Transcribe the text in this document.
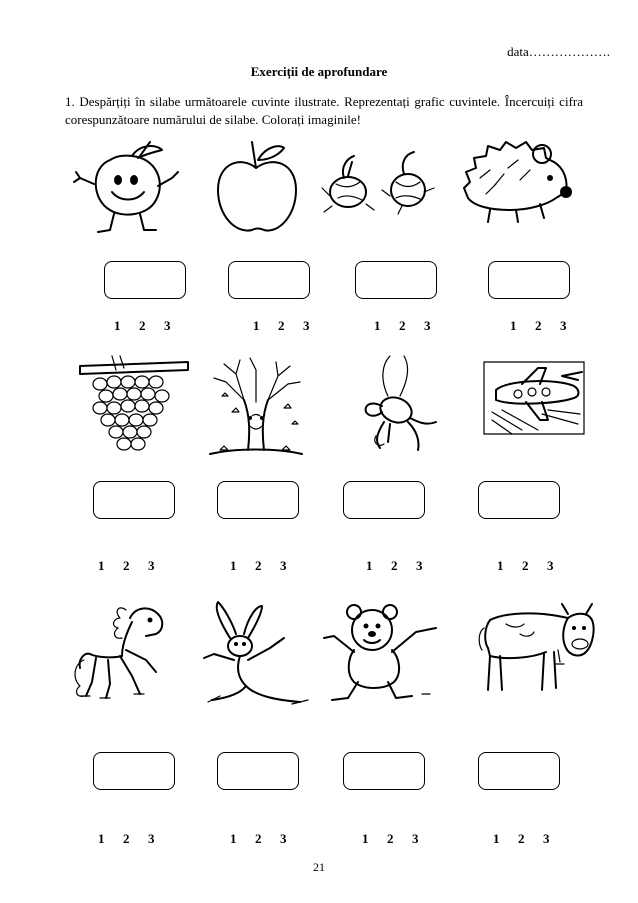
data……………….
Exerciții de aprofundare
1. Despărțiți în silabe următoarele cuvinte ilustrate. Reprezentați grafic cuvintele. Încercuiți cifra corespunzătoare numărului de silabe. Colorați imaginile!
1 2 3	1 2 3	1 2 3	1 2 3
1 2 3	1 2 3	1 2 3	1 2 3
1 2 3	1 2 3	1 2 3	1 2 3
21
